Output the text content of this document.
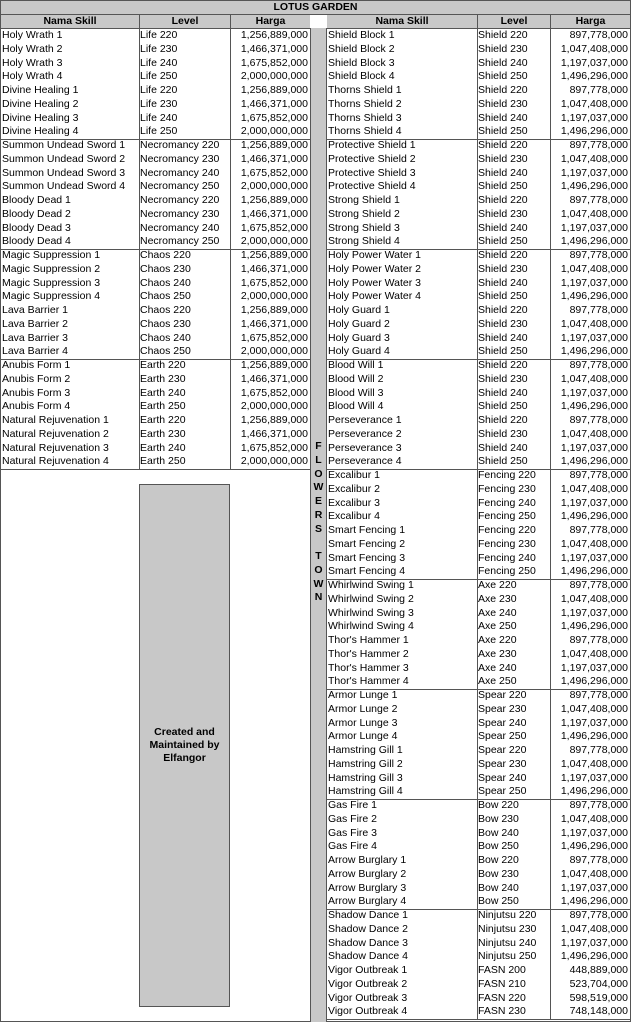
LOTUS GARDEN
Nama Skill	Level	Harga	Nama Skill	Level	Harga
Holy Wrath 1	Life 220	1,256,889,000
Holy Wrath 2	Life 230	1,466,371,000
Holy Wrath 3	Life 240	1,675,852,000
Holy Wrath 4	Life 250	2,000,000,000
Divine Healing 1	Life 220	1,256,889,000
Divine Healing 2	Life 230	1,466,371,000
Divine Healing 3	Life 240	1,675,852,000
Divine Healing 4	Life 250	2,000,000,000
Summon Undead Sword 1	Necromancy 220	1,256,889,000
Summon Undead Sword 2	Necromancy 230	1,466,371,000
Summon Undead Sword 3	Necromancy 240	1,675,852,000
Summon Undead Sword 4	Necromancy 250	2,000,000,000
Bloody Dead 1	Necromancy 220	1,256,889,000
Bloody Dead 2	Necromancy 230	1,466,371,000
Bloody Dead 3	Necromancy 240	1,675,852,000
Bloody Dead 4	Necromancy 250	2,000,000,000
Magic Suppression 1	Chaos 220	1,256,889,000
Magic Suppression 2	Chaos 230	1,466,371,000
Magic Suppression 3	Chaos 240	1,675,852,000
Magic Suppression 4	Chaos 250	2,000,000,000
Lava Barrier 1	Chaos 220	1,256,889,000
Lava Barrier 2	Chaos 230	1,466,371,000
Lava Barrier 3	Chaos 240	1,675,852,000
Lava Barrier 4	Chaos 250	2,000,000,000
Anubis Form 1	Earth 220	1,256,889,000
Anubis Form 2	Earth 230	1,466,371,000
Anubis Form 3	Earth 240	1,675,852,000
Anubis Form 4	Earth 250	2,000,000,000
Natural Rejuvenation 1	Earth 220	1,256,889,000
Natural Rejuvenation 2	Earth 230	1,466,371,000
Natural Rejuvenation 3	Earth 240	1,675,852,000
Natural Rejuvenation 4	Earth 250	2,000,000,000
Shield Block 1	Shield 220	897,778,000
Shield Block 2	Shield 230	1,047,408,000
Shield Block 3	Shield 240	1,197,037,000
Shield Block 4	Shield 250	1,496,296,000
Thorns Shield 1	Shield 220	897,778,000
Thorns Shield 2	Shield 230	1,047,408,000
Thorns Shield 3	Shield 240	1,197,037,000
Thorns Shield 4	Shield 250	1,496,296,000
Protective Shield 1	Shield 220	897,778,000
Protective Shield 2	Shield 230	1,047,408,000
Protective Shield 3	Shield 240	1,197,037,000
Protective Shield 4	Shield 250	1,496,296,000
Strong Shield 1	Shield 220	897,778,000
Strong Shield 2	Shield 230	1,047,408,000
Strong Shield 3	Shield 240	1,197,037,000
Strong Shield 4	Shield 250	1,496,296,000
Holy Power Water 1	Shield 220	897,778,000
Holy Power Water 2	Shield 230	1,047,408,000
Holy Power Water 3	Shield 240	1,197,037,000
Holy Power Water 4	Shield 250	1,496,296,000
Holy Guard 1	Shield 220	897,778,000
Holy Guard 2	Shield 230	1,047,408,000
Holy Guard 3	Shield 240	1,197,037,000
Holy Guard 4	Shield 250	1,496,296,000
Blood Will 1	Shield 220	897,778,000
Blood Will 2	Shield 230	1,047,408,000
Blood Will 3	Shield 240	1,197,037,000
Blood Will 4	Shield 250	1,496,296,000
Perseverance 1	Shield 220	897,778,000
Perseverance 2	Shield 230	1,047,408,000
Perseverance 3	Shield 240	1,197,037,000
Perseverance 4	Shield 250	1,496,296,000
Excalibur 1	Fencing 220	897,778,000
Excalibur 2	Fencing 230	1,047,408,000
Excalibur 3	Fencing 240	1,197,037,000
Excalibur 4	Fencing 250	1,496,296,000
Smart Fencing 1	Fencing 220	897,778,000
Smart Fencing 2	Fencing 230	1,047,408,000
Smart Fencing 3	Fencing 240	1,197,037,000
Smart Fencing 4	Fencing 250	1,496,296,000
Whirlwind Swing 1	Axe 220	897,778,000
Whirlwind Swing 2	Axe 230	1,047,408,000
Whirlwind Swing 3	Axe 240	1,197,037,000
Whirlwind Swing 4	Axe 250	1,496,296,000
Thor's Hammer 1	Axe 220	897,778,000
Thor's Hammer 2	Axe 230	1,047,408,000
Thor's Hammer 3	Axe 240	1,197,037,000
Thor's Hammer 4	Axe 250	1,496,296,000
Armor Lunge 1	Spear 220	897,778,000
Armor Lunge 2	Spear 230	1,047,408,000
Armor Lunge 3	Spear 240	1,197,037,000
Armor Lunge 4	Spear 250	1,496,296,000
Hamstring Gill 1	Spear 220	897,778,000
Hamstring Gill 2	Spear 230	1,047,408,000
Hamstring Gill 3	Spear 240	1,197,037,000
Hamstring Gill 4	Spear 250	1,496,296,000
Gas Fire 1	Bow 220	897,778,000
Gas Fire 2	Bow 230	1,047,408,000
Gas Fire 3	Bow 240	1,197,037,000
Gas Fire 4	Bow 250	1,496,296,000
Arrow Burglary 1	Bow 220	897,778,000
Arrow Burglary 2	Bow 230	1,047,408,000
Arrow Burglary 3	Bow 240	1,197,037,000
Arrow Burglary 4	Bow 250	1,496,296,000
Shadow Dance 1	Ninjutsu 220	897,778,000
Shadow Dance 2	Ninjutsu 230	1,047,408,000
Shadow Dance 3	Ninjutsu 240	1,197,037,000
Shadow Dance 4	Ninjutsu 250	1,496,296,000
Vigor Outbreak 1	FASN 200	448,889,000
Vigor Outbreak 2	FASN 210	523,704,000
Vigor Outbreak 3	FASN 220	598,519,000
Vigor Outbreak 4	FASN 230	748,148,000
F
L
O
W
E
R
S

T
O
W
N
Created and Maintained by Elfangor
